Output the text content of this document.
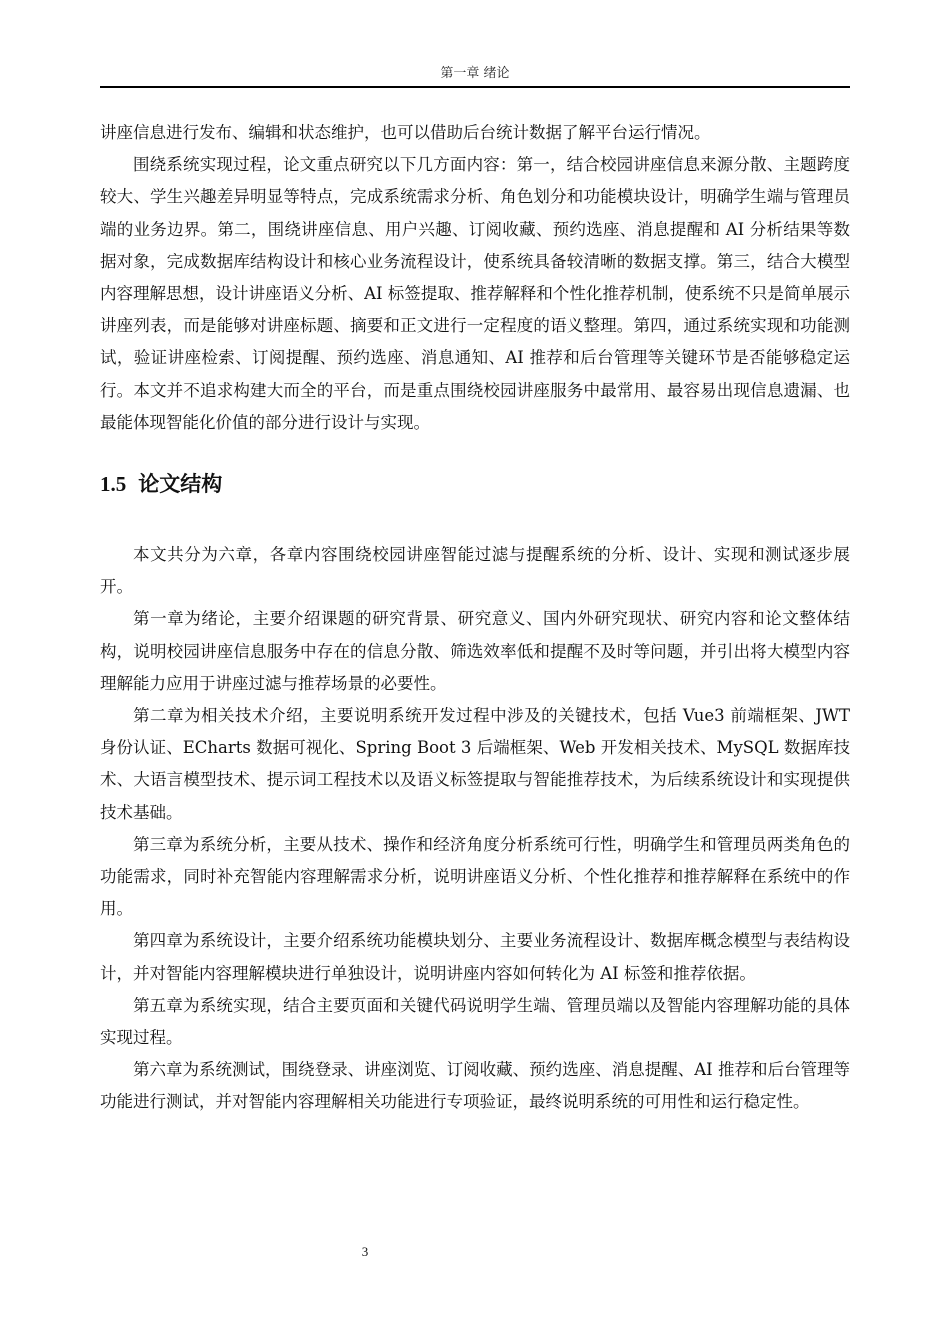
第一章 绪论

讲座信息进行发布、编辑和状态维护，也可以借助后台统计数据了解平台运行情况。

围绕系统实现过程，论文重点研究以下几方面内容：第一，结合校园讲座信息来源分散、主题跨度较大、学生兴趣差异明显等特点，完成系统需求分析、角色划分和功能模块设计，明确学生端与管理员端的业务边界。第二，围绕讲座信息、用户兴趣、订阅收藏、预约选座、消息提醒和 AI 分析结果等数据对象，完成数据库结构设计和核心业务流程设计，使系统具备较清晰的数据支撑。第三，结合大模型内容理解思想，设计讲座语义分析、AI 标签提取、推荐解释和个性化推荐机制，使系统不只是简单展示讲座列表，而是能够对讲座标题、摘要和正文进行一定程度的语义整理。第四，通过系统实现和功能测试，验证讲座检索、订阅提醒、预约选座、消息通知、AI 推荐和后台管理等关键环节是否能够稳定运行。本文并不追求构建大而全的平台，而是重点围绕校园讲座服务中最常用、最容易出现信息遗漏、也最能体现智能化价值的部分进行设计与实现。

1.5 论文结构

本文共分为六章，各章内容围绕校园讲座智能过滤与提醒系统的分析、设计、实现和测试逐步展开。

第一章为绪论，主要介绍课题的研究背景、研究意义、国内外研究现状、研究内容和论文整体结构，说明校园讲座信息服务中存在的信息分散、筛选效率低和提醒不及时等问题，并引出将大模型内容理解能力应用于讲座过滤与推荐场景的必要性。

第二章为相关技术介绍，主要说明系统开发过程中涉及的关键技术，包括 Vue3 前端框架、JWT 身份认证、ECharts 数据可视化、Spring Boot 3 后端框架、Web 开发相关技术、MySQL 数据库技术、大语言模型技术、提示词工程技术以及语义标签提取与智能推荐技术，为后续系统设计和实现提供技术基础。

第三章为系统分析，主要从技术、操作和经济角度分析系统可行性，明确学生和管理员两类角色的功能需求，同时补充智能内容理解需求分析，说明讲座语义分析、个性化推荐和推荐解释在系统中的作用。

第四章为系统设计，主要介绍系统功能模块划分、主要业务流程设计、数据库概念模型与表结构设计，并对智能内容理解模块进行单独设计，说明讲座内容如何转化为 AI 标签和推荐依据。

第五章为系统实现，结合主要页面和关键代码说明学生端、管理员端以及智能内容理解功能的具体实现过程。

第六章为系统测试，围绕登录、讲座浏览、订阅收藏、预约选座、消息提醒、AI 推荐和后台管理等功能进行测试，并对智能内容理解相关功能进行专项验证，最终说明系统的可用性和运行稳定性。

3
